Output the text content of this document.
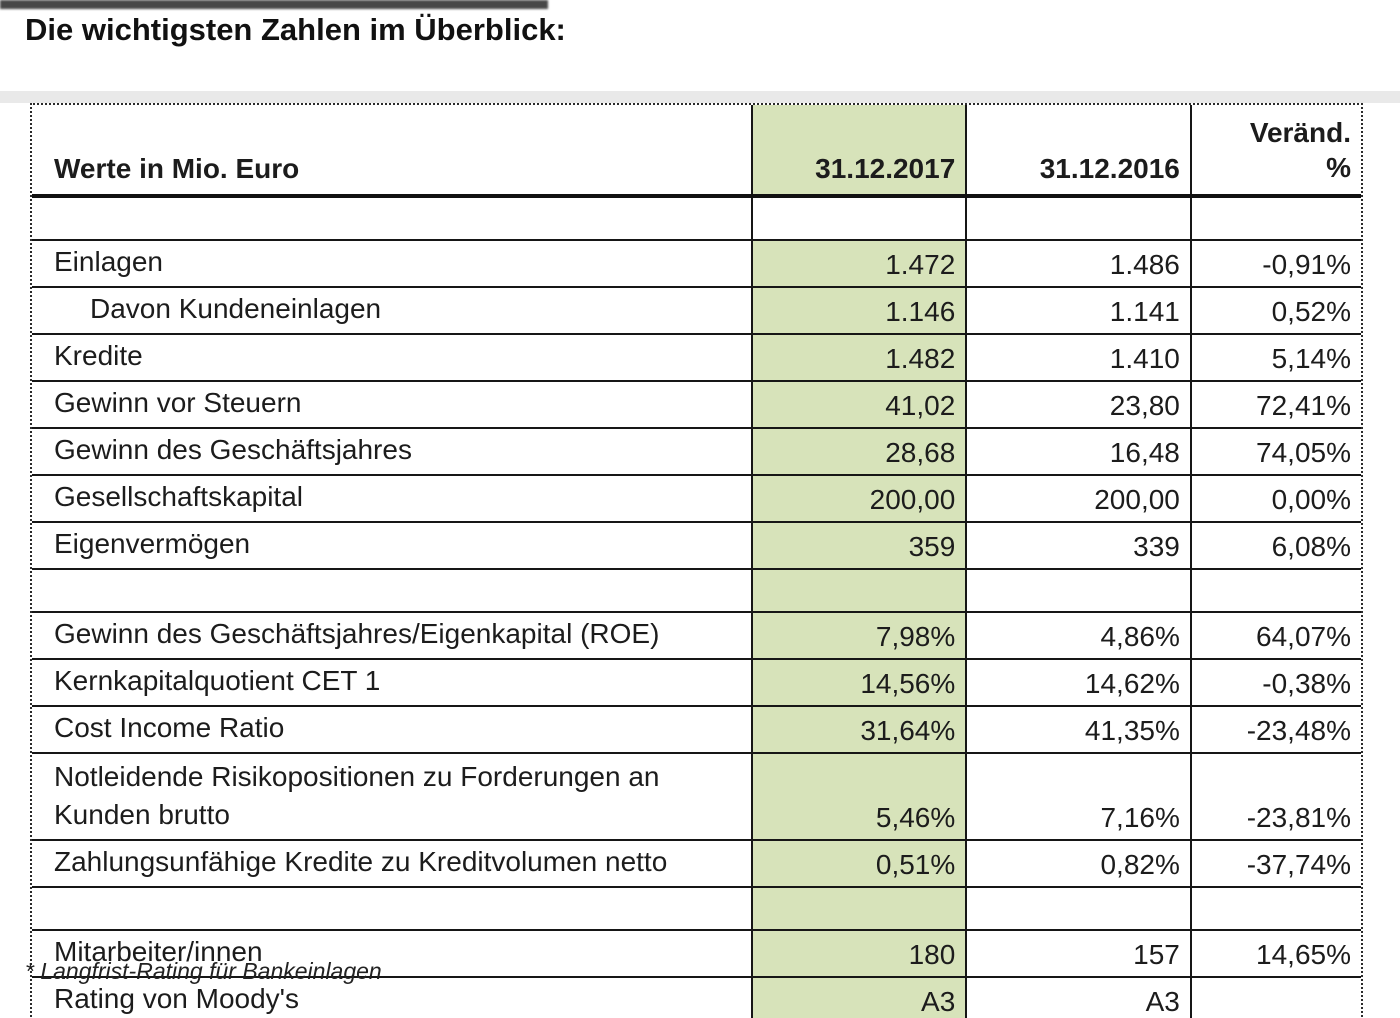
Die wichtigsten Zahlen im Überblick:
Werte in Mio. Euro	31.12.2017	31.12.2016	Veränd.
%

Einlagen	1.472	1.486	-0,91%
Davon Kundeneinlagen	1.146	1.141	0,52%
Kredite	1.482	1.410	5,14%
Gewinn vor Steuern	41,02	23,80	72,41%
Gewinn des Geschäftsjahres	28,68	16,48	74,05%
Gesellschaftskapital	200,00	200,00	0,00%
Eigenvermögen	359	339	6,08%

Gewinn des Geschäftsjahres/Eigenkapital (ROE)	7,98%	4,86%	64,07%
Kernkapitalquotient CET 1	14,56%	14,62%	-0,38%
Cost Income Ratio	31,64%	41,35%	-23,48%
Notleidende Risikopositionen zu Forderungen an Kunden brutto	5,46%	7,16%	-23,81%
Zahlungsunfähige Kredite zu Kreditvolumen netto	0,51%	0,82%	-37,74%

Mitarbeiter/innen	180	157	14,65%
Rating von Moody's	A3	A3	
* Langfrist-Rating für Bankeinlagen
